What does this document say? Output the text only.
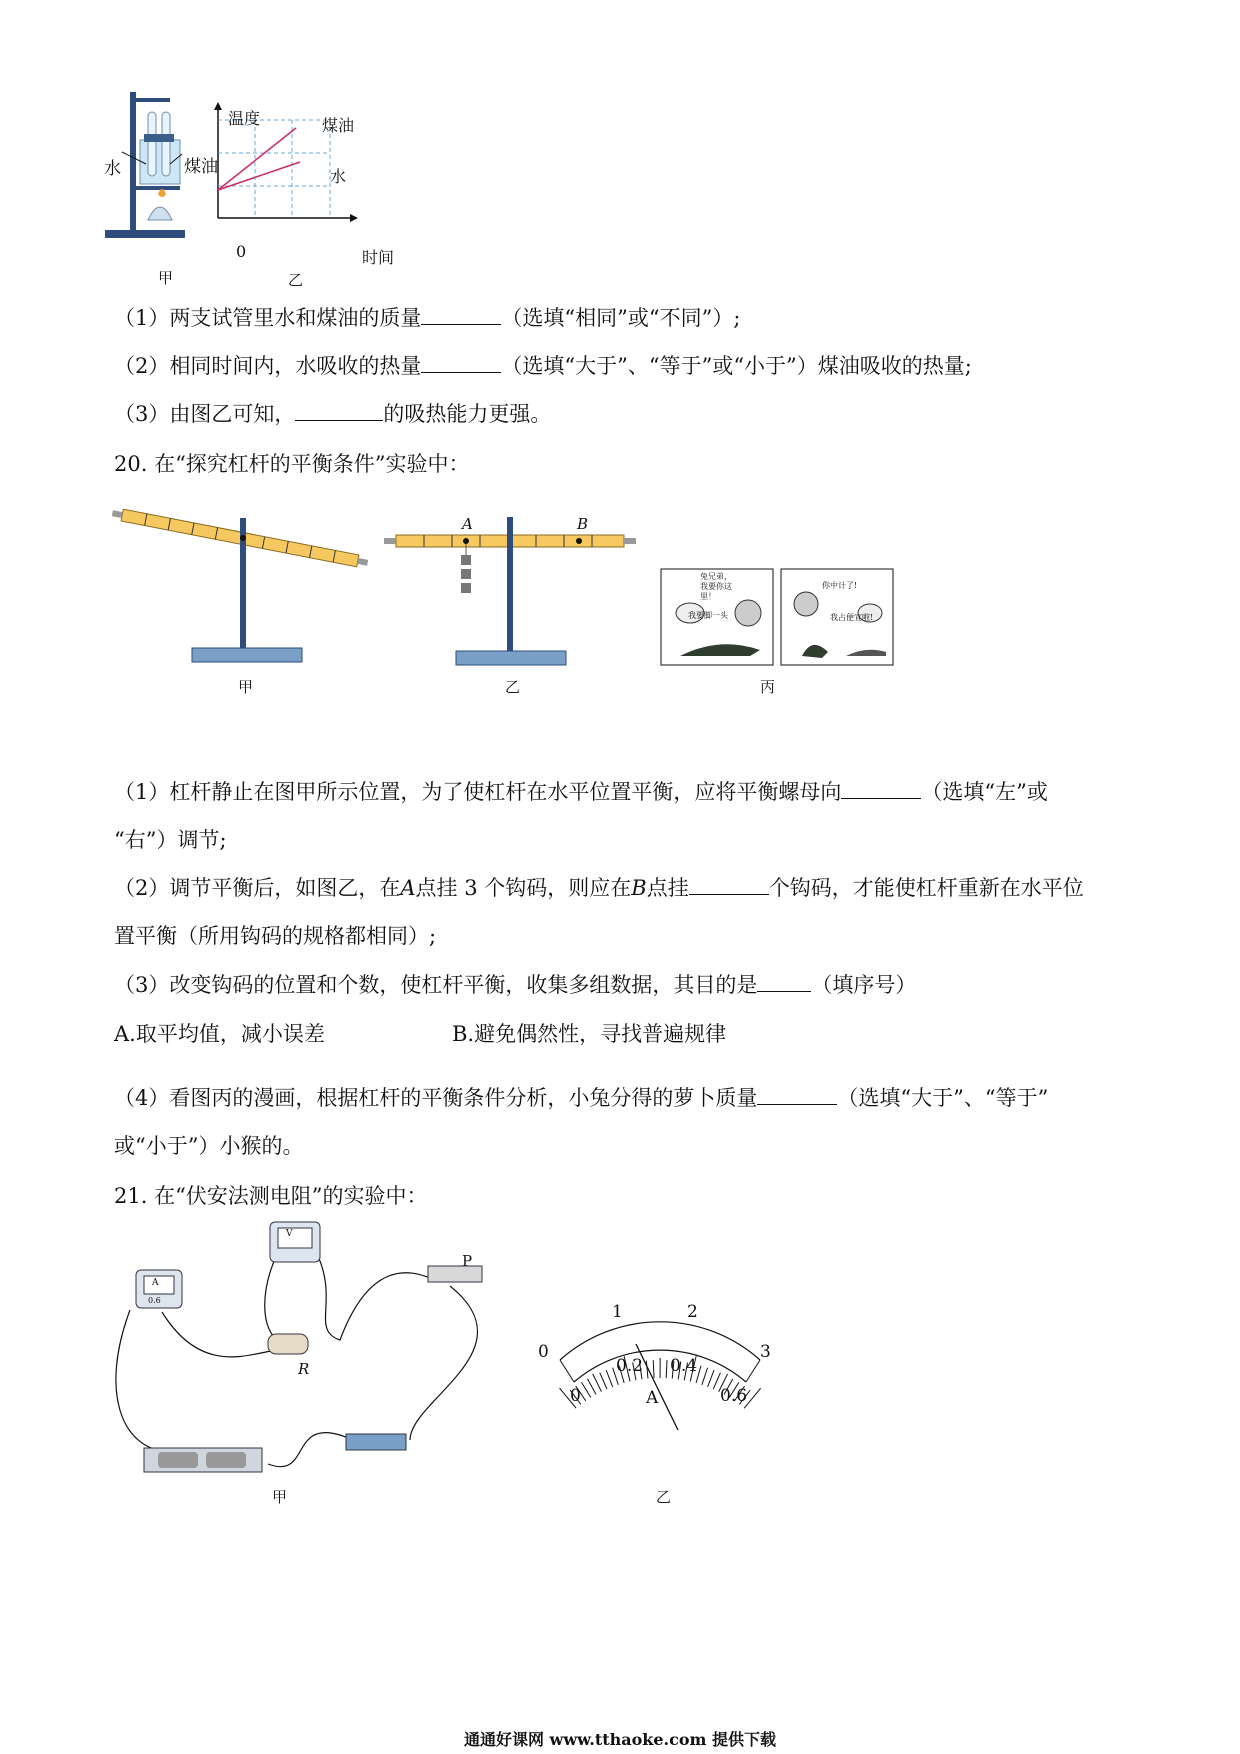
水	煤油
甲
温度	煤油
水
0	时间
乙
（1）两支试管里水和煤油的质量	（选填“相同”或“不同”）;
（2）相同时间内，水吸收的热量	（选填“大于”、“等于”或“小于”）煤油吸收的热量;
（3）由图乙可知，	的吸热能力更强。
20. 在“探究杠杆的平衡条件”实验中：
甲
A	B
乙
兔兄弟，我要你这里！
我要脚一头
你中计了!
我占便宜啦!
丙
（1）杠杆静止在图甲所示位置，为了使杠杆在水平位置平衡，应将平衡螺母向	（选填“左”或
“右”）调节;
（2）调节平衡后，如图乙，在A点挂 3 个钩码，则应在B点挂	个钩码，才能使杠杆重新在水平位
置平衡（所用钩码的规格都相同）;
（3）改变钩码的位置和个数，使杠杆平衡，收集多组数据，其目的是	（填序号）
A.取平均值，减小误差	B.避免偶然性，寻找普遍规律
（4）看图丙的漫画，根据杠杆的平衡条件分析，小兔分得的萝卜质量	（选填“大于”、“等于”
或“小于”）小猴的。
21. 在“伏安法测电阻”的实验中：
V
A
0.6
R
P
甲
0
1	2
3
0
0.2 0.4
0.6
A
乙
通通好课网 www.tthaoke.com 提供下载
